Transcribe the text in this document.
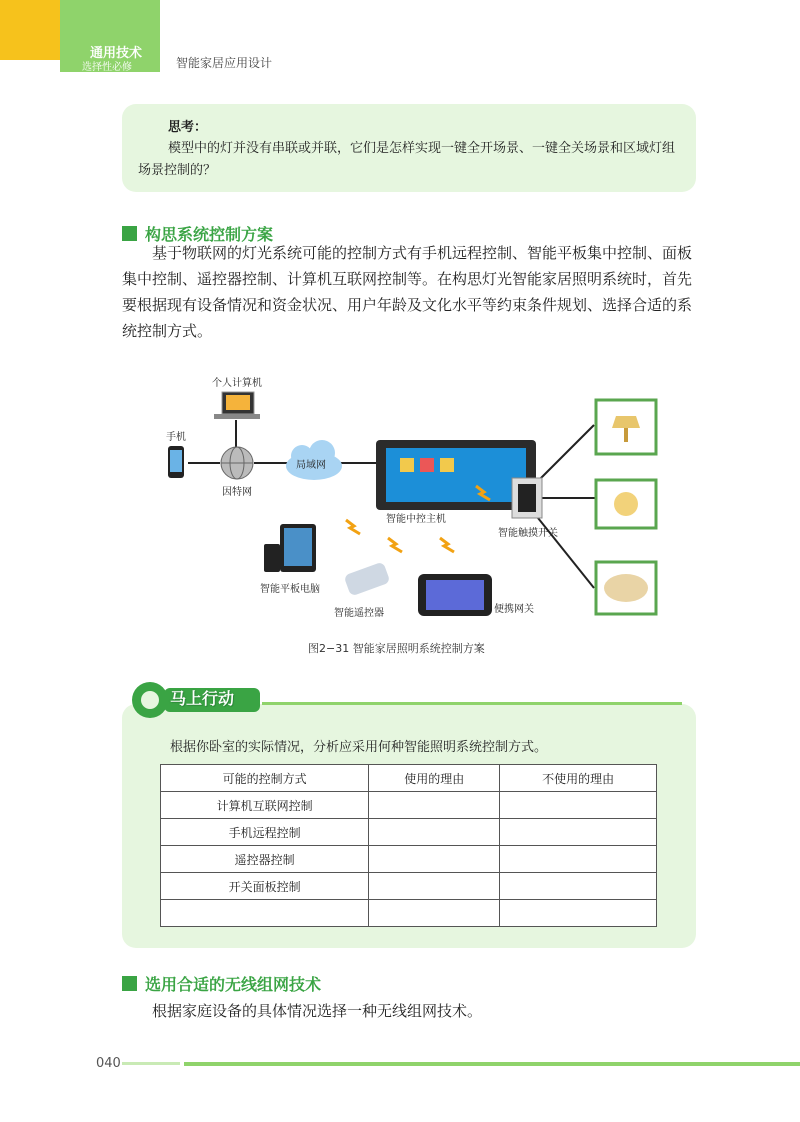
通用技术
选择性必修	智能家居应用设计
思考：
模型中的灯并没有串联或并联，它们是怎样实现一键全开场景、一键全关场景和区域灯组场景控制的？
构思系统控制方案
基于物联网的灯光系统可能的控制方式有手机远程控制、智能平板集中控制、面板集中控制、遥控器控制、计算机互联网控制等。在构思灯光智能家居照明系统时，首先要根据现有设备情况和资金状况、用户年龄及文化水平等约束条件规划、选择合适的系统控制方式。
个人计算机
手机
因特网
局域网
智能中控主机
智能触摸开关
智能平板电脑
智能遥控器	便携网关
图2−31 智能家居照明系统控制方案
马上行动
根据你卧室的实际情况，分析应采用何种智能照明系统控制方式。
可能的控制方式	使用的理由	不使用的理由
计算机互联网控制		
手机远程控制		
遥控器控制		
开关面板控制		

选用合适的无线组网技术
根据家庭设备的具体情况选择一种无线组网技术。
040
